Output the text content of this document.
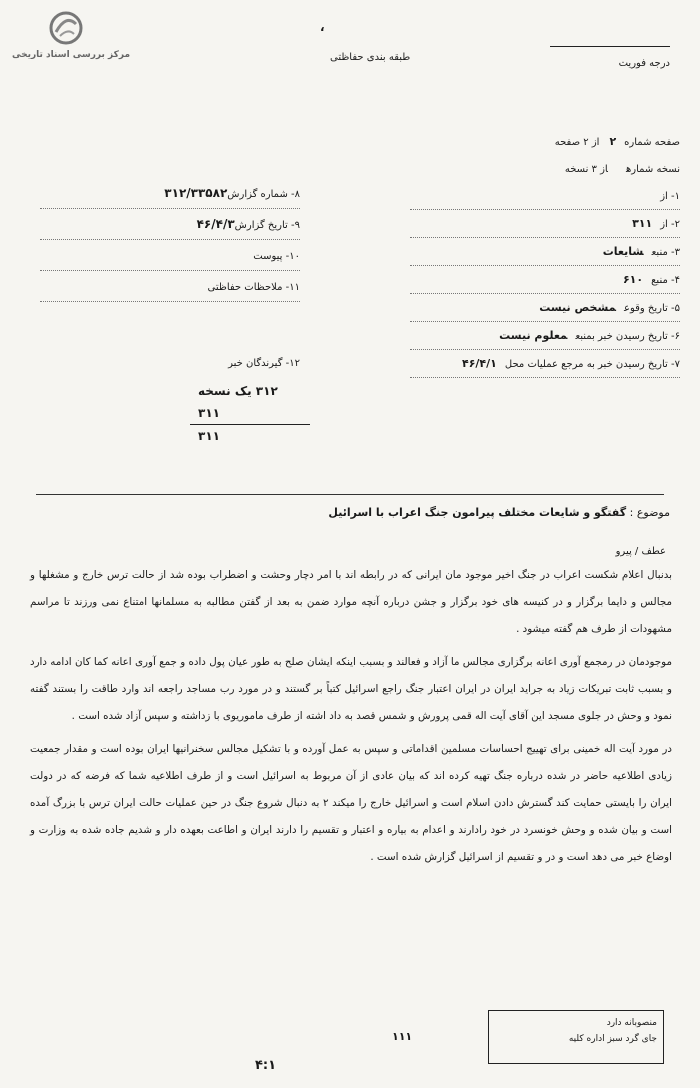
مرکز بررسی اسناد تاریخی
،
طبقه بندی حفاظتی
درجه فوریت
صفحه شماره۲از ۲ صفحه
نسخه شمارهاز ۳ نسخه
۱- از
۲- از۳۱۱
۳- منبعشایعات
۴- منبع۶۱۰
۵- تاریخ وقوعمشخص نیست
۶- تاریخ رسیدن خبر بمنبعمعلوم نیست
۷- تاریخ رسیدن خبر به مرجع عملیات محل۴۶/۴/۱
۸- شماره گزارش۳۱۲/۳۳۵۸۲
۹- تاریخ گزارش۴۶/۴/۳
۱۰- پیوست
۱۱- ملاحظات حفاظتی
۱۲- گیرندگان خبر
۳۱۲ یک نسخه
۳۱۱
۳۱۱
موضوع : گفتگو و شایعات مختلف پیرامون جنگ اعراب با اسرائیل
عطف / پیرو

بدنبال اعلام شکست اعراب در جنگ اخیر موجود مان ایرانی که در رابطه اند با امر دچار وحشت و اضطراب بوده شد از حالت ترس خارج و مشغلها و مجالس و دایما برگزار و در کنیسه های خود برگزار و جشن درباره آنچه موارد ضمن به بعد از گفتن مطالبه به مسلمانها امتناع نمی ورزند تا مراسم مشهودات از طرف هم گفته میشود .

موجودمان در رمجمع آوری اعانه برگزاری مجالس ما آزاد و فعالند و بسبب اینکه ایشان صلح به طور عیان پول داده و جمع آوری اعانه کما کان ادامه دارد و بسبب ثابت تبریکات زیاد به جراید ایران در ایران اعتبار جنگ راجع اسرائیل کتباً بر گستند و در مورد رب مساجد راجعه اند وارد طاقت را بستند گفته نمود و وحش در جلوی مسجد این آقای آیت اله قمی پرورش و شمس قصد به داد اشته از طرف ماموریوی با زداشته و سپس آزاد شده است .

در مورد آیت اله خمینی برای تهییج احساسات مسلمین اقداماتی و سپس به عمل آورده و با تشکیل مجالس سخنرانیها ایران بوده است و مقدار جمعیت زیادی اطلاعیه حاضر در شده درباره جنگ تهیه کرده اند که بیان عادی از آن مربوط به اسرائیل است و از طرف اطلاعیه شما که فرضه که در دولت ایران را بایستی حمایت کند گسترش دادن اسلام است و اسرائیل خارج را میکند ۲ به دنبال شروع جنگ در حین عملیات حالت ایران ترس با بزرگ آمده است و بیان شده و وحش خونسرد در خود رادارند و اعدام به بیاره و اعتبار و تقسیم را دارند ایران و اطاعت بعهده دار و شدیم جاده شده به وزارت و اوضاع خبر می دهد است و در و تقسیم از اسرائیل گزارش شده است .

۱۱۱
۴:۱
منصوبانه دارد
جای گرد سبز اداره کلیه
